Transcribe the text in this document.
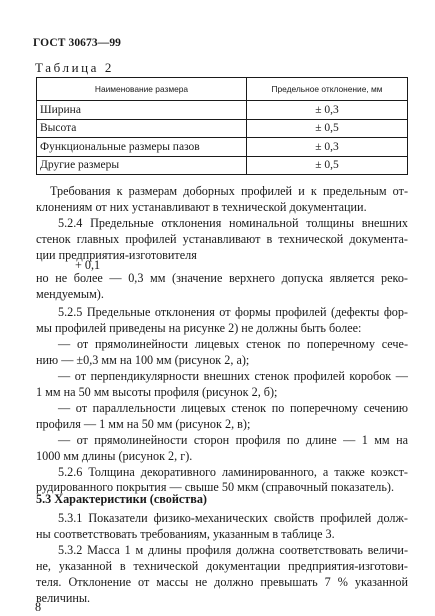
ГОСТ 30673—99
Таблица 2
Наименование размера	Предельное отклонение, мм
Ширина	± 0,3
Высота	± 0,5
Функциональные размеры пазов	± 0,3
Другие размеры	± 0,5
Требования к размерам доборных профилей и к предельным от-
клонениям от них устанавливают в технической документации.
5.2.4 Предельные отклонения номинальной толщины внешних
стенок главных профилей устанавливают в технической документа-
ции предприятия-изготовителя
+ 0,1
но не более — 0,3 мм (значение верхнего допуска является реко-
мендуемым).
5.2.5 Предельные отклонения от формы профилей (дефекты фор-
мы профилей приведены на рисунке 2) не должны быть более:
— от прямолинейности лицевых стенок по поперечному сече-
нию — ±0,3 мм на 100 мм (рисунок 2, а);
— от перпендикулярности внешних стенок профилей коробок —
1 мм на 50 мм высоты профиля (рисунок 2, б);
— от параллельности лицевых стенок по поперечному сечению
профиля — 1 мм на 50 мм (рисунок 2, в);
— от прямолинейности сторон профиля по длине — 1 мм на
1000 мм длины (рисунок 2, г).
5.3 Характеристики (свойства)
5.2.6 Толщина декоративного ламинированного, а также коэкст-
5.3.1 Показатели физико-механических свойств профилей долж-
ны соответствовать требованиям, указанным в таблице 3.
5.3.2 Масса 1 м длины профиля должна соответствовать величи-
не, указанной в технической документации предприятия-изготови-
теля. Отклонение от массы не должно превышать 7 % указанной
величины.
рудированного покрытия — свыше 50 мкм (справочный показатель).
8
